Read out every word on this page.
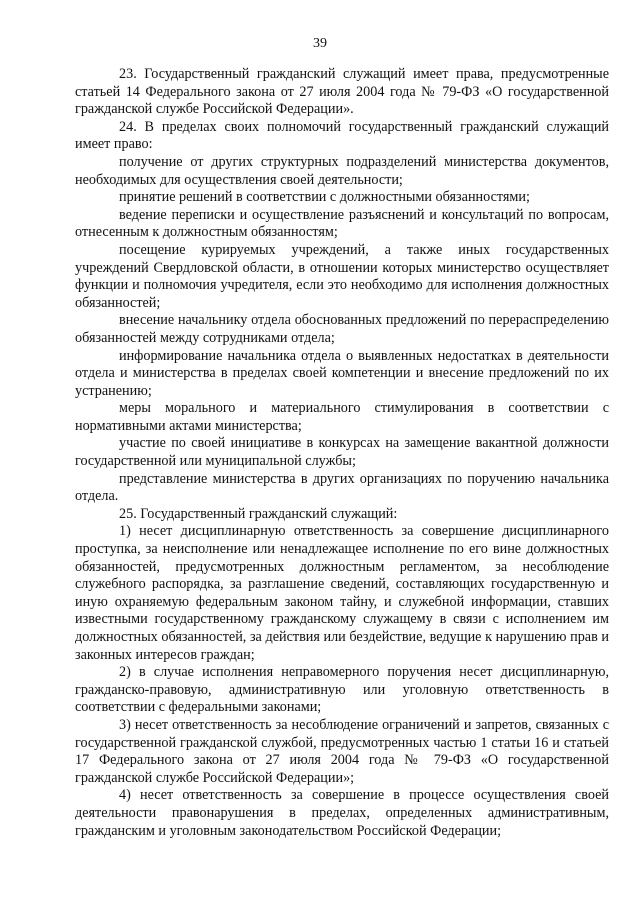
39

23. Государственный гражданский служащий имеет права, предусмотренные статьей 14 Федерального закона от 27 июля 2004 года № 79-ФЗ «О государственной гражданской службе Российской Федерации».

24. В пределах своих полномочий государственный гражданский служащий имеет право:

получение от других структурных подразделений министерства документов, необходимых для осуществления своей деятельности;

принятие решений в соответствии с должностными обязанностями;

ведение переписки и осуществление разъяснений и консультаций по вопросам, отнесенным к должностным обязанностям;

посещение курируемых учреждений, а также иных государственных учреждений Свердловской области, в отношении которых министерство осуществляет функции и полномочия учредителя, если это необходимо для исполнения должностных обязанностей;

внесение начальнику отдела обоснованных предложений по перераспределению обязанностей между сотрудниками отдела;

информирование начальника отдела о выявленных недостатках в деятельности отдела и министерства в пределах своей компетенции и внесение предложений по их устранению;

меры морального и материального стимулирования в соответствии с нормативными актами министерства;

участие по своей инициативе в конкурсах на замещение вакантной должности государственной или муниципальной службы;

представление министерства в других организациях по поручению начальника отдела.

25. Государственный гражданский служащий:

1) несет дисциплинарную ответственность за совершение дисциплинарного проступка, за неисполнение или ненадлежащее исполнение по его вине должностных обязанностей, предусмотренных должностным регламентом, за несоблюдение служебного распорядка, за разглашение сведений, составляющих государственную и иную охраняемую федеральным законом тайну, и служебной информации, ставших известными государственному гражданскому служащему в связи с исполнением им должностных обязанностей, за действия или бездействие, ведущие к нарушению прав и законных интересов граждан;

2) в случае исполнения неправомерного поручения несет дисциплинарную, гражданско-правовую, административную или уголовную ответственность в соответствии с федеральными законами;

3) несет ответственность за несоблюдение ограничений и запретов, связанных с государственной гражданской службой, предусмотренных частью 1 статьи 16 и статьей 17 Федерального закона от 27 июля 2004 года № 79-ФЗ «О государственной гражданской службе Российской Федерации»;

4) несет ответственность за совершение в процессе осуществления своей деятельности правонарушения в пределах, определенных административным, гражданским и уголовным законодательством Российской Федерации;
